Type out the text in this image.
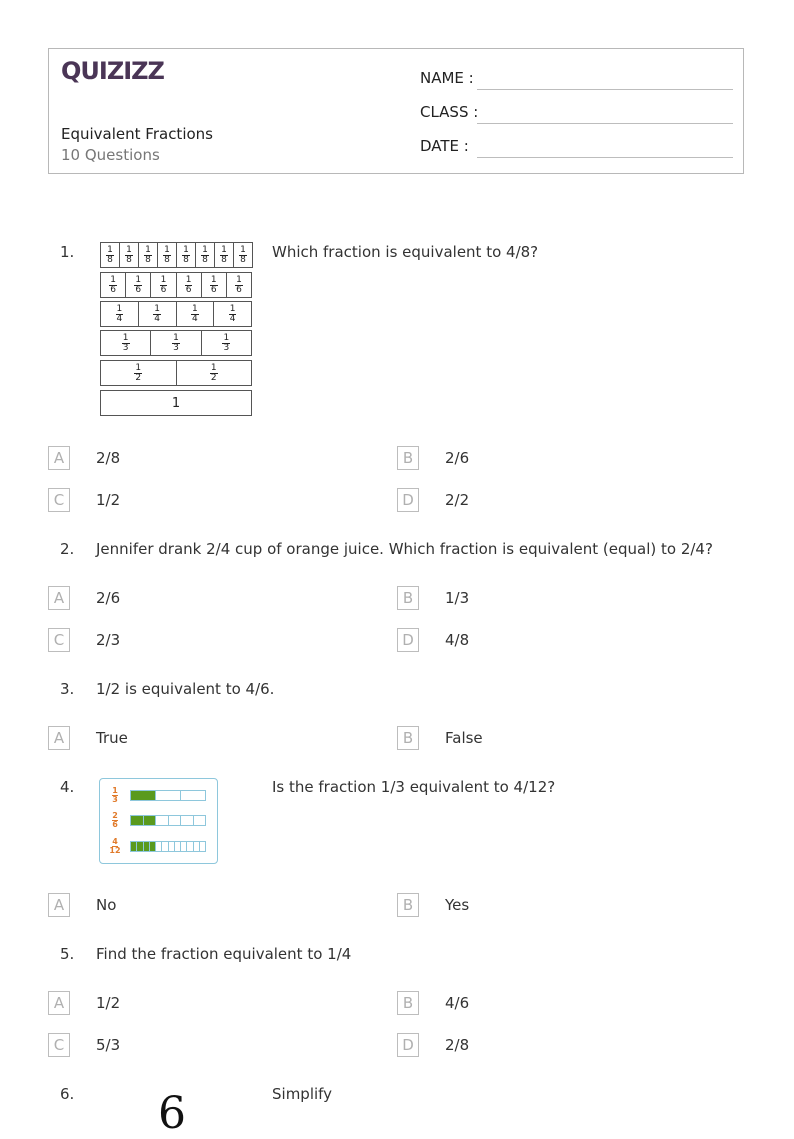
QUIZIZZ
Equivalent Fractions
10 Questions
NAME :
CLASS :
DATE :
1.	$\frac{1}{8} \frac{1}{8} \frac{1}{8} \frac{1}{8} \frac{1}{8} \frac{1}{8} \frac{1}{8} \frac{1}{8}$
$\frac{1}{6} \frac{1}{6} \frac{1}{6} \frac{1}{6} \frac{1}{6} \frac{1}{6}$
$\frac{1}{4} \frac{1}{4} \frac{1}{4} \frac{1}{4}$
$\frac{1}{3} \frac{1}{3} \frac{1}{3}$
$\frac{1}{2} \frac{1}{2}$
1
Which fraction is equivalent to 4/8?
A	2/8	B	2/6
C	1/2	D	2/2
2. Jennifer drank 2/4 cup of orange juice. Which fraction is equivalent (equal) to 2/4?
A	2/6	B	1/3
C	2/3	D	4/8
3. 1/2 is equivalent to 4/6.
A	True	B	False
4.	$\frac{1}{3}$
$\frac{2}{6}$
$\frac{4}{12}$
Is the fraction 1/3 equivalent to 4/12?
A	No	B	Yes
5. Find the fraction equivalent to 1/4
A	1/2	B	4/6
C	5/3	D	2/8
6.	Simplify
6
